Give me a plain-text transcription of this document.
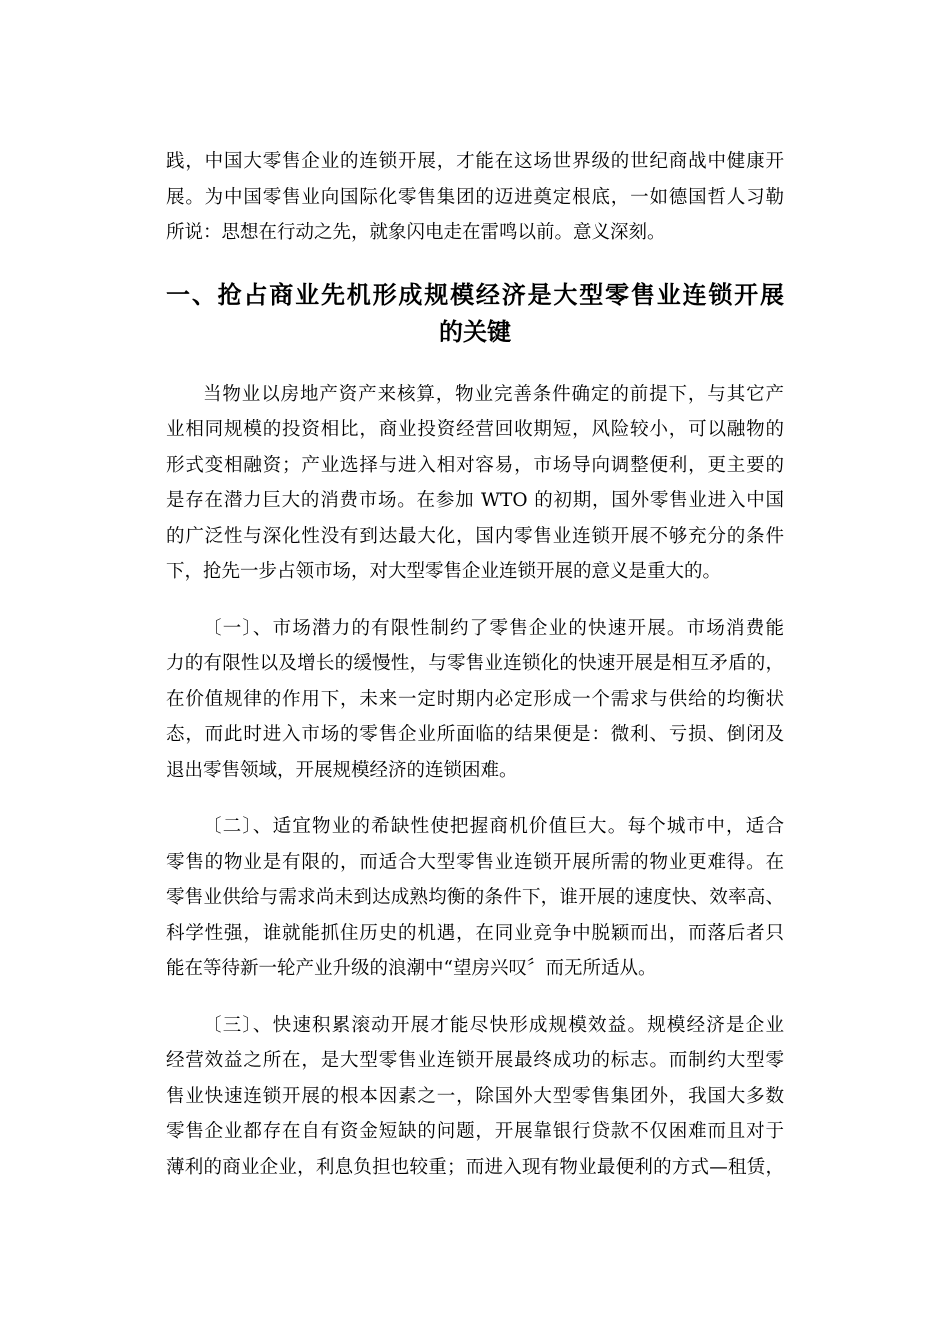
践，中国大零售企业的连锁开展，才能在这场世界级的世纪商战中健康开
展。为中国零售业向国际化零售集团的迈进奠定根底，一如德国哲人习勒
所说：思想在行动之先，就象闪电走在雷鸣以前。意义深刻。

一、抢占商业先机形成规模经济是大型零售业连锁开展
的关键

当物业以房地产资产来核算，物业完善条件确定的前提下，与其它产
业相同规模的投资相比，商业投资经营回收期短，风险较小，可以融物的
形式变相融资；产业选择与进入相对容易，市场导向调整便利，更主要的
是存在潜力巨大的消费市场。在参加 WTO 的初期，国外零售业进入中国
的广泛性与深化性没有到达最大化，国内零售业连锁开展不够充分的条件
下，抢先一步占领市场，对大型零售企业连锁开展的意义是重大的。

〔一〕、市场潜力的有限性制约了零售企业的快速开展。市场消费能
力的有限性以及增长的缓慢性，与零售业连锁化的快速开展是相互矛盾的，
在价值规律的作用下，未来一定时期内必定形成一个需求与供给的均衡状
态，而此时进入市场的零售企业所面临的结果便是：微利、亏损、倒闭及
退出零售领域，开展规模经济的连锁困难。

〔二〕、适宜物业的希缺性使把握商机价值巨大。每个城市中，适合
零售的物业是有限的，而适合大型零售业连锁开展所需的物业更难得。在
零售业供给与需求尚未到达成熟均衡的条件下，谁开展的速度快、效率高、
科学性强，谁就能抓住历史的机遇，在同业竞争中脱颖而出，而落后者只
能在等待新一轮产业升级的浪潮中“望房兴叹〞而无所适从。

〔三〕、快速积累滚动开展才能尽快形成规模效益。规模经济是企业
经营效益之所在，是大型零售业连锁开展最终成功的标志。而制约大型零
售业快速连锁开展的根本因素之一，除国外大型零售集团外，我国大多数
零售企业都存在自有资金短缺的问题，开展靠银行贷款不仅困难而且对于
薄利的商业企业，利息负担也较重；而进入现有物业最便利的方式—租赁，
